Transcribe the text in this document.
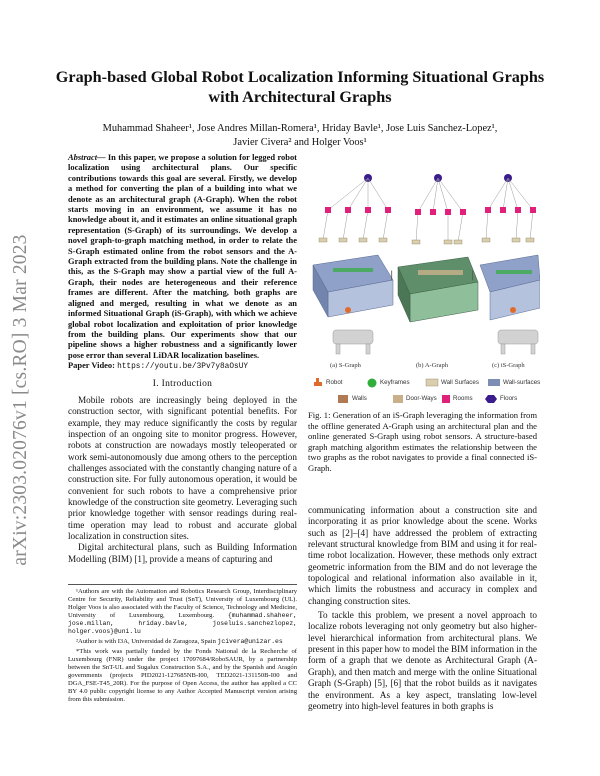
arXiv:2303.02076v1 [cs.RO] 3 Mar 2023
Graph-based Global Robot Localization Informing Situational Graphs
with Architectural Graphs
Muhammad Shaheer¹, Jose Andres Millan-Romera¹, Hriday Bavle¹, Jose Luis Sanchez-Lopez¹,
Javier Civera² and Holger Voos¹

Abstract— In this paper, we propose a solution for legged robot localization using architectural plans. Our specific contributions towards this goal are several. Firstly, we develop a method for converting the plan of a building into what we denote as an architectural graph (A-Graph). When the robot starts moving in an environment, we assume it has no knowledge about it, and it estimates an online situational graph representation (S-Graph) of its surroundings. We develop a novel graph-to-graph matching method, in order to relate the S-Graph estimated online from the robot sensors and the A-Graph extracted from the building plans. Note the challenge in this, as the S-Graph may show a partial view of the full A-Graph, their nodes are heterogeneous and their reference frames are different. After the matching, both graphs are aligned and merged, resulting in what we denote as an informed Situational Graph (iS-Graph), with which we achieve global robot localization and exploitation of prior knowledge from the building plans. Our experiments show that our pipeline shows a higher robustness and a significantly lower pose error than several LiDAR localization baselines.
Paper Video: https://youtu.be/3Pv7y8aOsUY

I. Introduction

Mobile robots are increasingly being deployed in the construction sector, with significant potential benefits. For example, they may reduce significantly the costs by regular inspection of an ongoing site to monitor progress. However, robots at construction are nowadays mostly teleoperated or work semi-autonomously due among others to the perception challenges associated with the constantly changing nature of a construction site. For fully autonomous operation, it would be convenient for such robots to have a comprehensive prior knowledge of the construction site geometry. Leveraging such prior knowledge together with sensor readings during real-time operation may lead to robust and accurate global localization in construction sites.

Digital architectural plans, such as Building Information Modelling (BIM) [1], provide a means of capturing and

¹Authors are with the Automation and Robotics Research Group, Interdisciplinary Centre for Security, Reliability and Trust (SnT), University of Luxembourg (UL). Holger Voos is also associated with the Faculty of Science, Technology and Medicine, University of Luxembourg, Luxembourg. {muhammad.shaheer, jose.millan, hriday.bavle, joseluis.sanchezlopez, holger.voos}@uni.lu

²Author is with I3A, Universidad de Zaragoza, Spain jcivera@unizar.es

*This work was partially funded by the Fonds National de la Recherche of Luxembourg (FNR) under the project 17097684/RoboSAUR, by a partnership between the SnT-UL and Sugalux Construction S.A., and by the Spanish and Aragón governments (projects PID2021-127685NB-I00, TED2021-131150B-I00 and DGA_FSE-T45_20R). For the purpose of Open Access, the author has applied a CC BY 4.0 public copyright license to any Author Accepted Manuscript version arising from this submission.

|	|
(a) S-Graph	(b) A-Graph	(c) iS-Graph
Robot	Keyframes	Wall Surfaces	Wall-surfaces
Walls	Door-Ways	Rooms	Floors
Fig. 1: Generation of an iS-Graph leveraging the information from the offline generated A-Graph using an architectural plan and the online generated S-Graph using robot sensors. A structure-based graph matching algorithm estimates the relationship between the two graphs as the robot navigates to provide a final connected iS-Graph.

communicating information about a construction site and incorporating it as prior knowledge about the scene. Works such as [2]–[4] have addressed the problem of extracting relevant structural knowledge from BIM and using it for real-time robot localization. However, these methods only extract geometric information from the BIM and do not leverage the topological and relational information also available in it, which limits the robustness and accuracy in complex and changing construction sites.

To tackle this problem, we present a novel approach to localize robots leveraging not only geometry but also higher-level hierarchical information from architectural plans. We present in this paper how to model the BIM information in the form of a graph that we denote as Architectural Graph (A-Graph), and then match and merge with the online Situational Graph (S-Graph) [5], [6] that the robot builds as it navigates the environment. As a key aspect, translating low-level geometry into high-level features in both graphs is
